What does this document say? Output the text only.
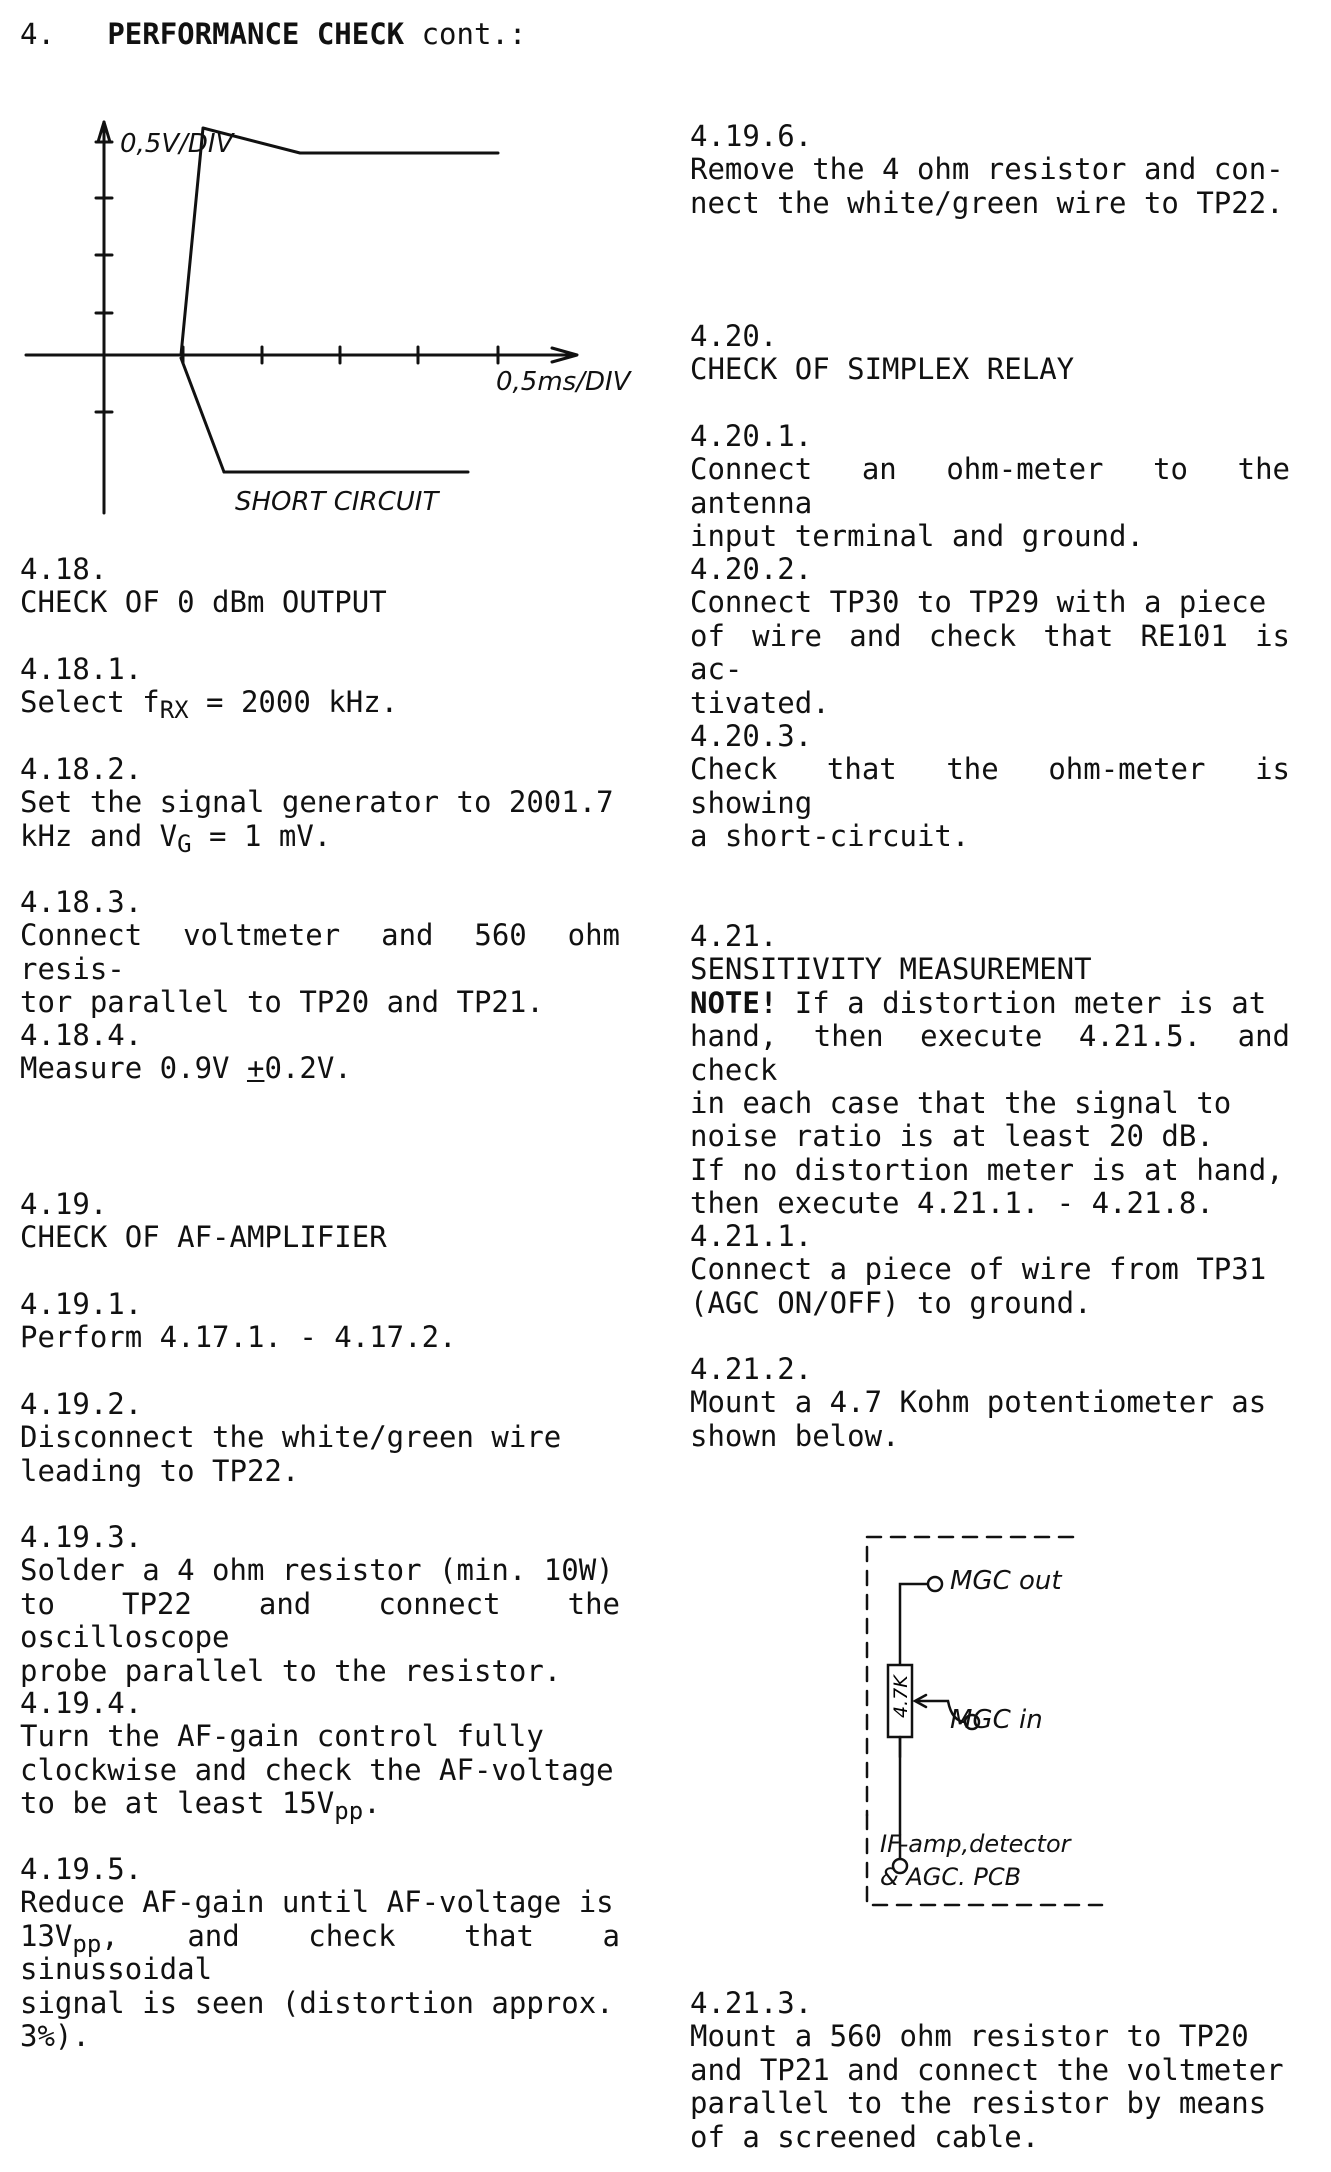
4. PERFORMANCE CHECK cont.:
0,5V/DIV
0,5ms/DIV
SHORT CIRCUIT

4.18.

CHECK OF 0 dBm OUTPUT

4.18.1.

Select $f_{RX} = 2000$ kHz.

4.18.2.

Set the signal generator to 2001.7

kHz and $V_G = 1$ mV.

4.18.3.

Connect voltmeter and 560 ohm resis-

tor parallel to TP20 and TP21.

4.18.4.

Measure 0.9V +0.2V.

4.19.

CHECK OF AF-AMPLIFIER

4.19.1.

Perform 4.17.1. - 4.17.2.

4.19.2.

Disconnect the white/green wire

leading to TP22.

4.19.3.

Solder a 4 ohm resistor (min. 10W)

to TP22 and connect the oscilloscope

probe parallel to the resistor.

4.19.4.

Turn the AF-gain control fully

clockwise and check the AF-voltage

to be at least $15V_{pp}$.

4.19.5.

Reduce AF-gain until AF-voltage is

$13V_{pp}$, and check that a sinussoidal

signal is seen (distortion approx.

3%).

4.19.6.

Remove the 4 ohm resistor and con-

nect the white/green wire to TP22.

4.20.

CHECK OF SIMPLEX RELAY

4.20.1.

Connect an ohm-meter to the antenna

input terminal and ground.

4.20.2.

Connect TP30 to TP29 with a piece

of wire and check that RE101 is ac-

tivated.

4.20.3.

Check that the ohm-meter is showing

a short-circuit.

4.21.

SENSITIVITY MEASUREMENT

NOTE! If a distortion meter is at

hand, then execute 4.21.5. and check

in each case that the signal to

noise ratio is at least 20 dB.

If no distortion meter is at hand,

then execute 4.21.1. - 4.21.8.

4.21.1.

Connect a piece of wire from TP31

(AGC ON/OFF) to ground.

4.21.2.

Mount a 4.7 Kohm potentiometer as

shown below.

4.7K
MGC out
MGC in
IF-amp,detector
& AGC. PCB

4.21.3.

Mount a 560 ohm resistor to TP20

and TP21 and connect the voltmeter

parallel to the resistor by means

of a screened cable.
